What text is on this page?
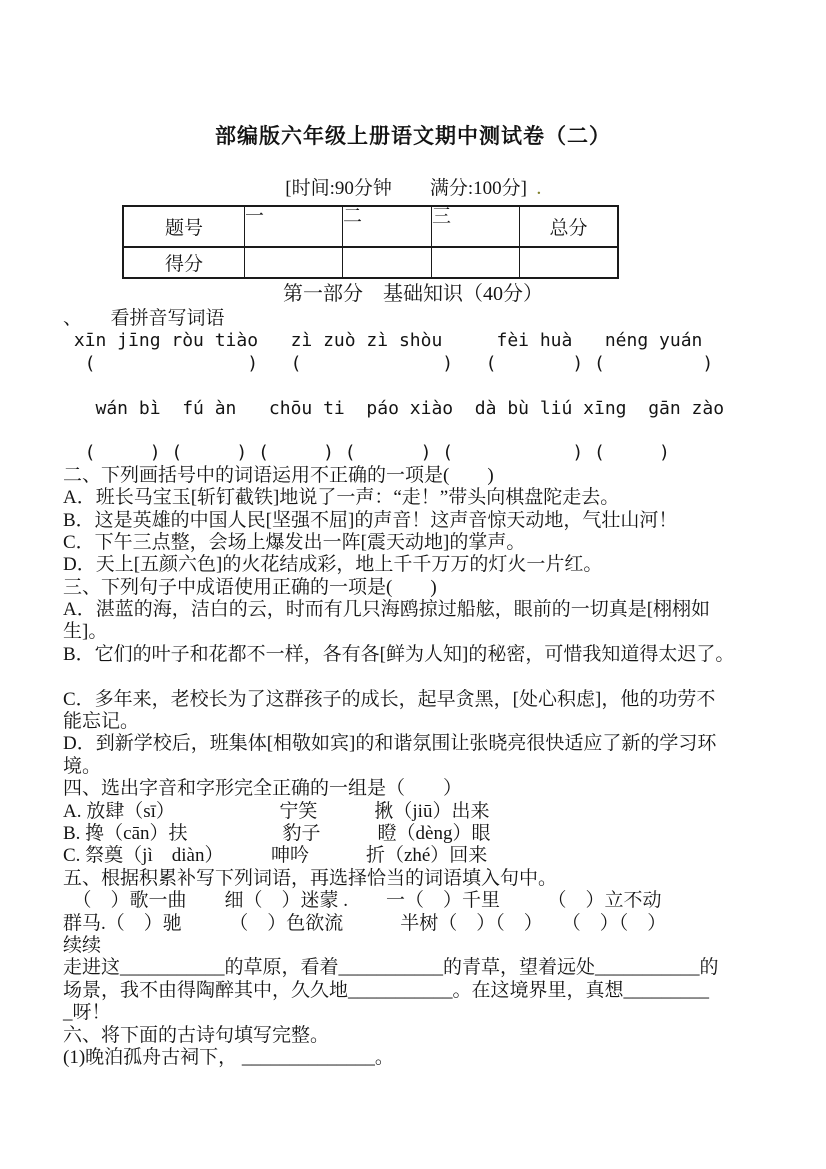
部编版六年级上册语文期中测试卷（二）
[时间:90分钟　　满分:100分] .
题号	一	二	三	总分
得分				
第一部分　基础知识（40分）
、　　看拼音写词语
xīn jīng ròu tiào   zì zuò zì shòu     fèi huà   néng yuán
(              )   (             )   (       ) (         )
wán bì  fú àn   chōu ti  páo xiào  dà bù liú xīng  gān zào
(     ) (     ) (     ) (      ) (           ) (     )
二、下列画括号中的词语运用不正确的一项是(　　)
A．班长马宝玉[斩钉截铁]地说了一声：“走！”带头向棋盘陀走去。
B．这是英雄的中国人民[坚强不屈]的声音！这声音惊天动地，气壮山河！
C．下午三点整，会场上爆发出一阵[震天动地]的掌声。
D．天上[五颜六色]的火花结成彩，地上千千万万的灯火一片红。
三、下列句子中成语使用正确的一项是(　　)
A．湛蓝的海，洁白的云，时而有几只海鸥掠过船舷，眼前的一切真是[栩栩如
生]。
B．它们的叶子和花都不一样，各有各[鲜为人知]的秘密，可惜我知道得太迟了。
C．多年来，老校长为了这群孩子的成长，起早贪黑，[处心积虑]，他的功劳不
能忘记。
D．到新学校后，班集体[相敬如宾]的和谐氛围让张晓亮很快适应了新的学习环
境。
四、选出字音和字形完全正确的一组是（　　）
A. 放肆（sī）　　　　　　宁笑　　　揪（jiū）出来
B. 搀（cān）扶　　　　　豹子　　　瞪（dèng）眼
C. 祭奠（jì　diàn）　　　呻吟　　　折（zhé）回来
五、根据积累补写下列词语，再选择恰当的词语填入句中。
　（　）歌一曲　　细（　）迷蒙 .　　一（　）千里　　　（　）立不动
群马.（　）驰　　　（　）色欲流　　　半树（　）（　）　　（　）（　）
续续
走进这___________的草原，看着___________的青草，望着远处___________的
场景，我不由得陶醉其中，久久地___________。在这境界里，真想_________
_呀！
六、将下面的古诗句填写完整。
(1)晚泊孤舟古祠下， ______________。
